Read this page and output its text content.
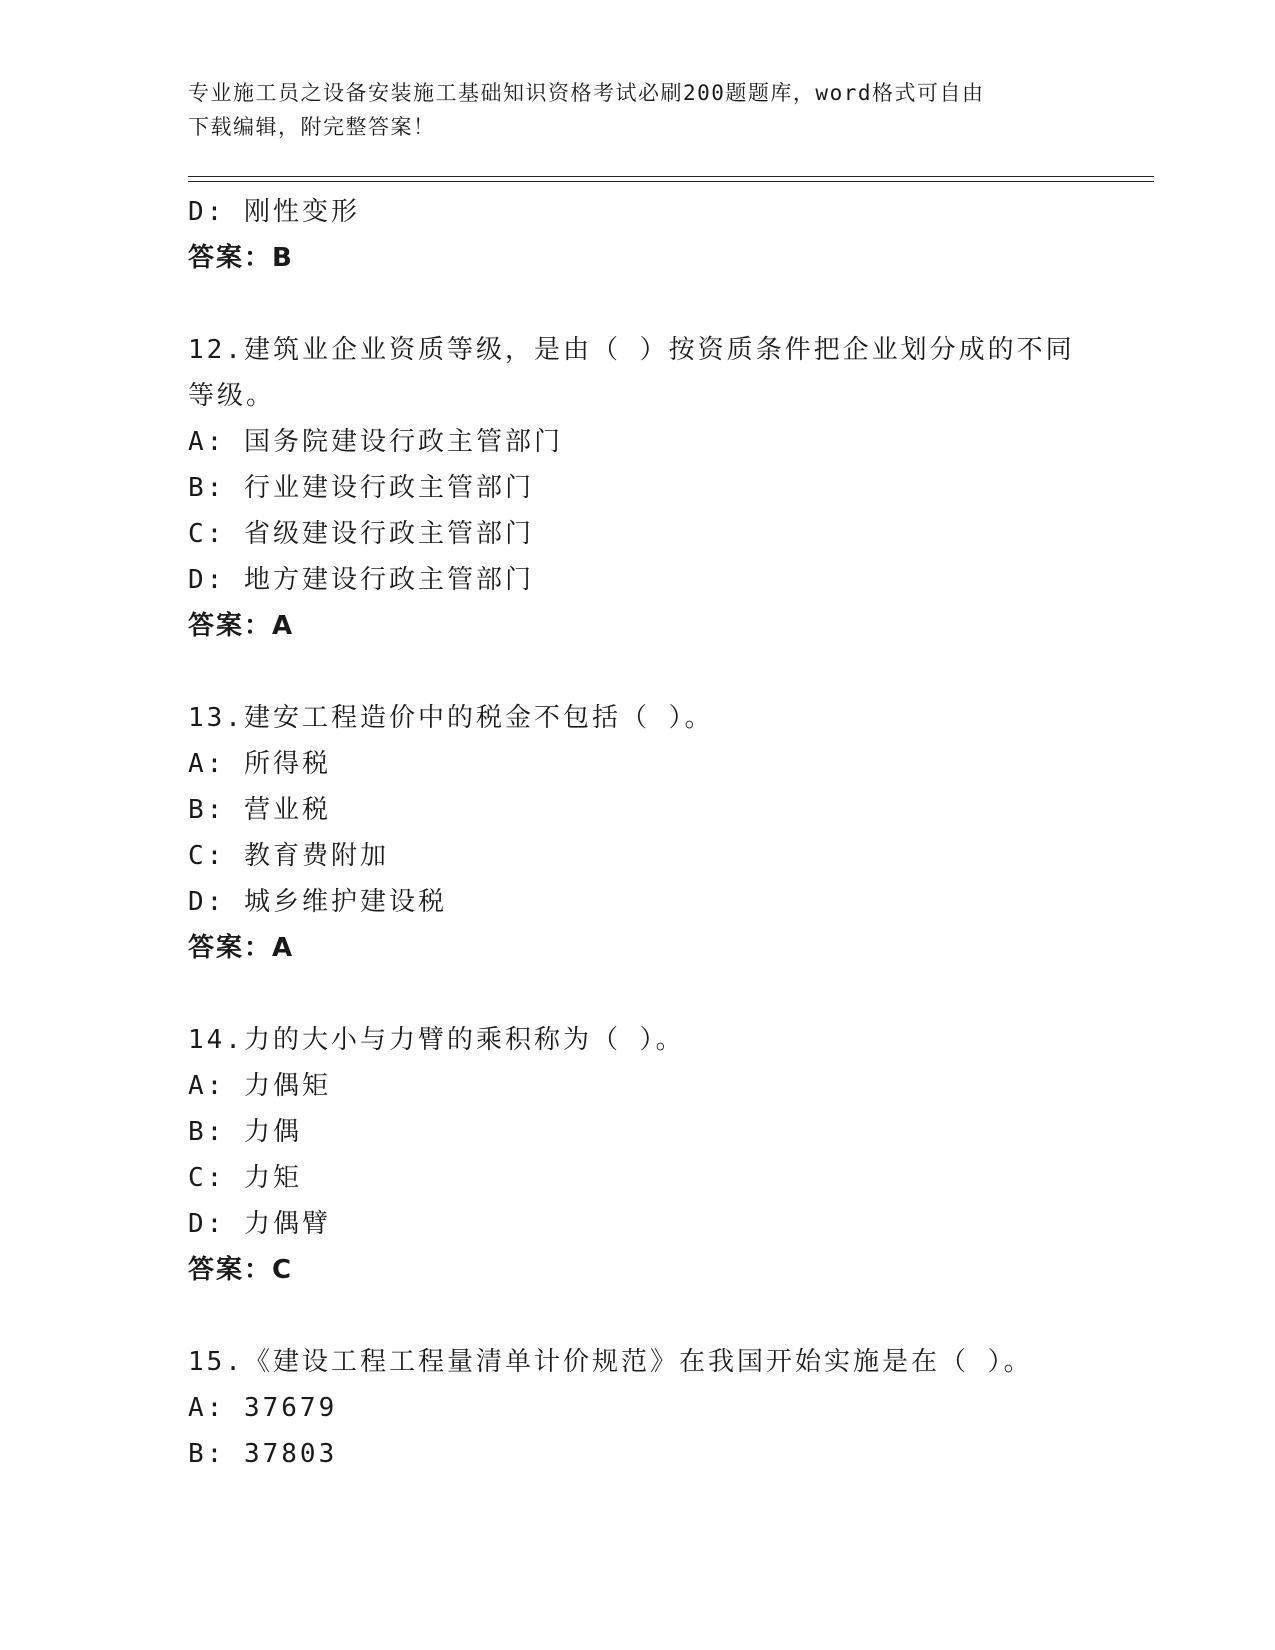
专业施工员之设备安装施工基础知识资格考试必刷200题题库，word格式可自由
下载编辑，附完整答案！
D: 刚性变形
答案：B
12.建筑业企业资质等级，是由（ ）按资质条件把企业划分成的不同
等级。
A: 国务院建设行政主管部门
B: 行业建设行政主管部门
C: 省级建设行政主管部门
D: 地方建设行政主管部门
答案：A
13.建安工程造价中的税金不包括（ ）。
A: 所得税
B: 营业税
C: 教育费附加
D: 城乡维护建设税
答案：A
14.力的大小与力臂的乘积称为（ ）。
A: 力偶矩
B: 力偶
C: 力矩
D: 力偶臂
答案：C
15.《建设工程工程量清单计价规范》在我国开始实施是在（ ）。
A: 37679
B: 37803
